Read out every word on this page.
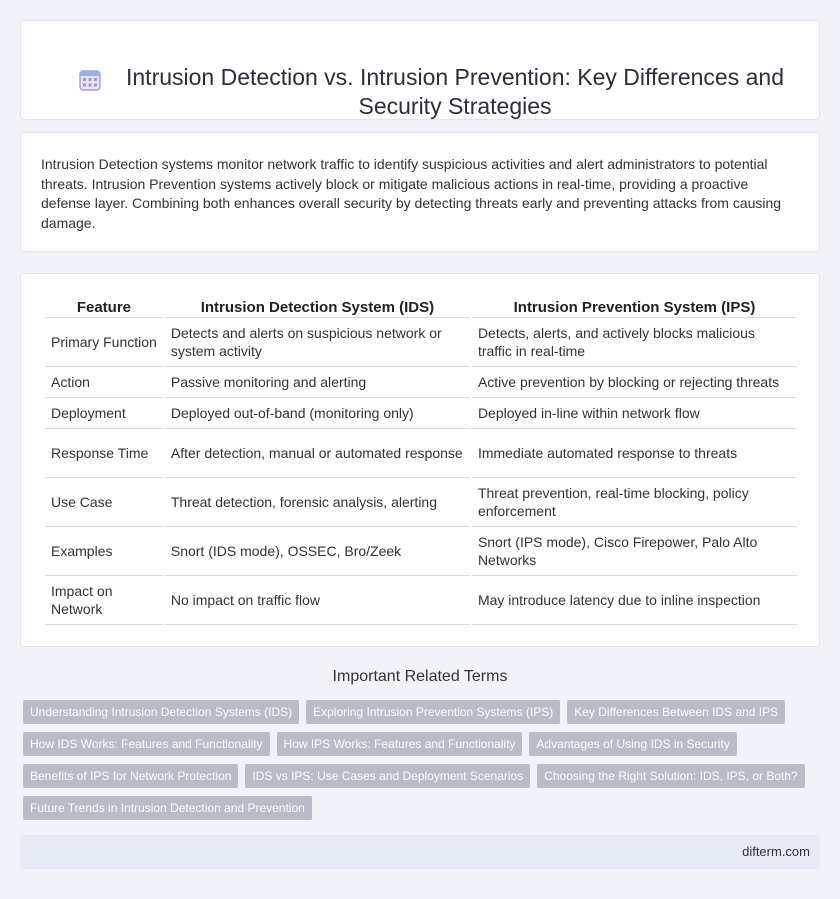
Intrusion Detection vs. Intrusion Prevention: Key Differences and Security Strategies

Intrusion Detection systems monitor network traffic to identify suspicious activities and alert administrators to potential threats. Intrusion Prevention systems actively block or mitigate malicious actions in real-time, providing a proactive defense layer. Combining both enhances overall security by detecting threats early and preventing attacks from causing damage.

Feature	Intrusion Detection System (IDS)	Intrusion Prevention System (IPS)
Primary Function	Detects and alerts on suspicious network or system activity	Detects, alerts, and actively blocks malicious traffic in real-time
Action	Passive monitoring and alerting	Active prevention by blocking or rejecting threats
Deployment	Deployed out-of-band (monitoring only)	Deployed in-line within network flow
Response Time	After detection, manual or automated response	Immediate automated response to threats
Use Case	Threat detection, forensic analysis, alerting	Threat prevention, real-time blocking, policy enforcement
Examples	Snort (IDS mode), OSSEC, Bro/Zeek	Snort (IPS mode), Cisco Firepower, Palo Alto Networks
Impact on Network	No impact on traffic flow	May introduce latency due to inline inspection
Important Related Terms
Understanding Intrusion Detection Systems (IDS)	Exploring Intrusion Prevention Systems (IPS)	Key Differences Between IDS and IPS
How IDS Works: Features and Functionality	How IPS Works: Features and Functionality	Advantages of Using IDS in Security
Benefits of IPS for Network Protection	IDS vs IPS: Use Cases and Deployment Scenarios	Choosing the Right Solution: IDS, IPS, or Both?
Future Trends in Intrusion Detection and Prevention
difterm.com
